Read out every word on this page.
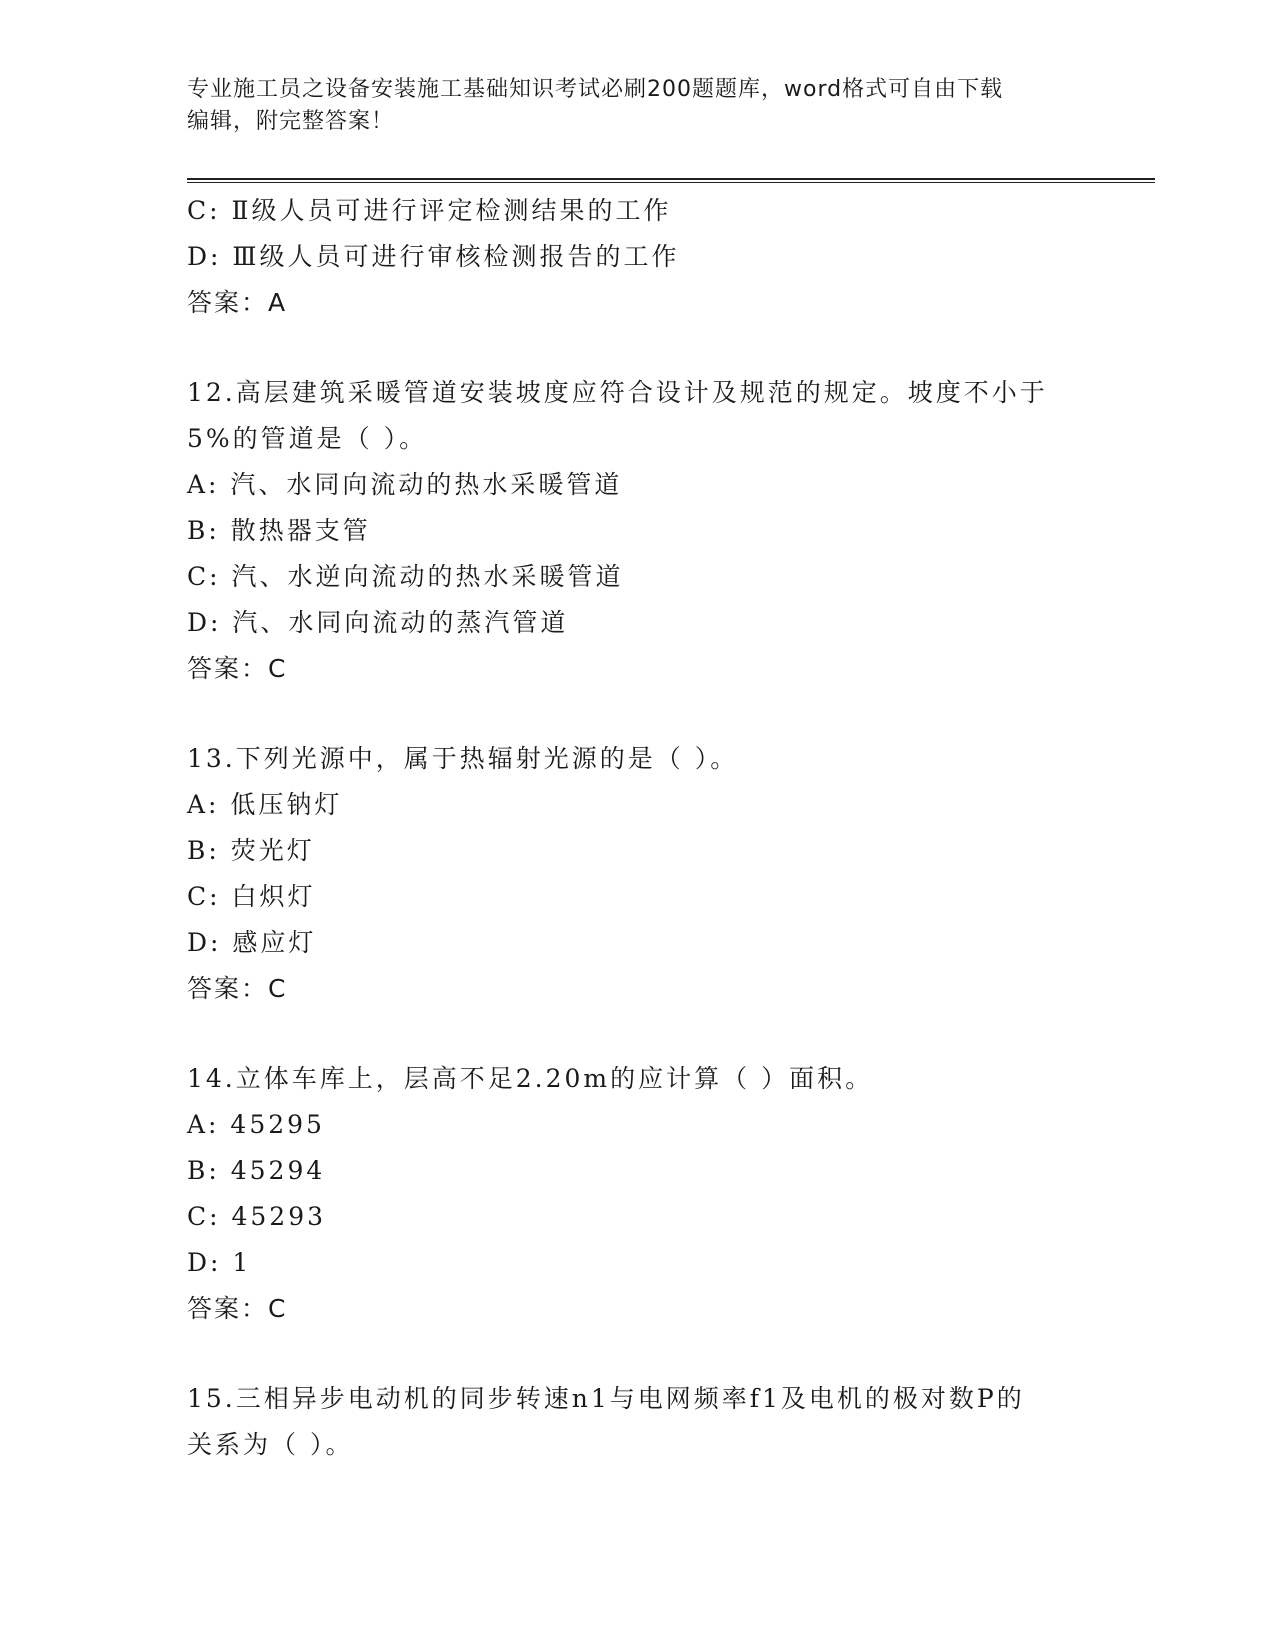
专业施工员之设备安装施工基础知识考试必刷200题题库，word格式可自由下载
编辑，附完整答案！
C: Ⅱ级人员可进行评定检测结果的工作
D: Ⅲ级人员可进行审核检测报告的工作
答案：A
12.高层建筑采暖管道安装坡度应符合设计及规范的规定。坡度不小于
5%的管道是（ ）。
A: 汽、水同向流动的热水采暖管道
B: 散热器支管
C: 汽、水逆向流动的热水采暖管道
D: 汽、水同向流动的蒸汽管道
答案：C
13.下列光源中，属于热辐射光源的是（ ）。
A: 低压钠灯
B: 荧光灯
C: 白炽灯
D: 感应灯
答案：C
14.立体车库上，层高不足2.20m的应计算（ ）面积。
A: 45295
B: 45294
C: 45293
D: 1
答案：C
15.三相异步电动机的同步转速n1与电网频率f1及电机的极对数P的
关系为（ ）。
